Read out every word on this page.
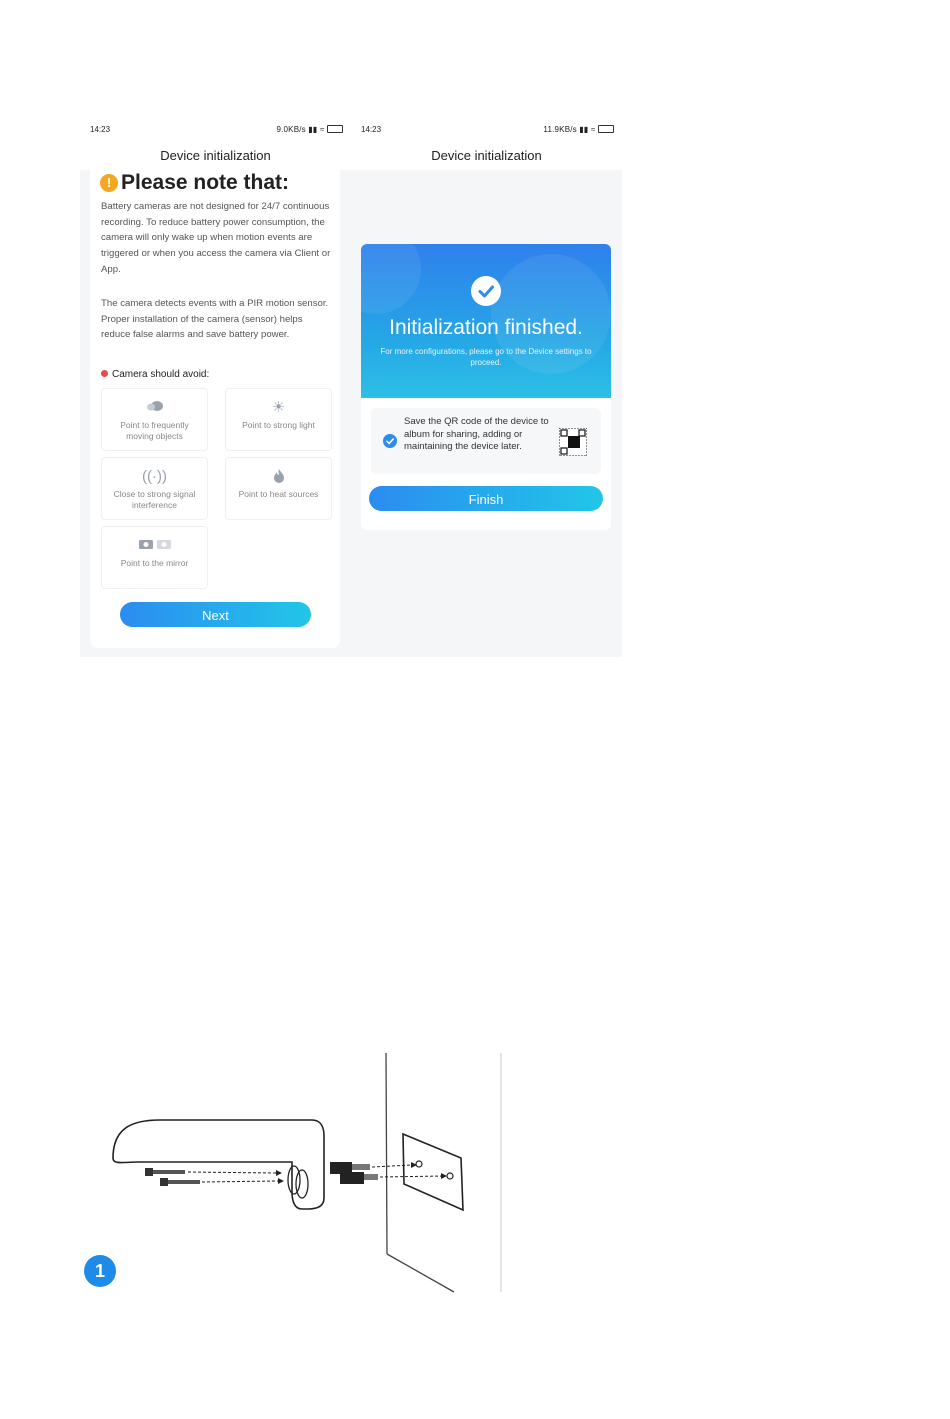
14:23	9.0KB/s ▮▮ ≈
Device initialization
! Please note that:
Battery cameras are not designed for 24/7 continuous recording. To reduce battery power consumption, the camera will only wake up when motion events are triggered or when you access the camera via Client or App.
The camera detects events with a PIR motion sensor. Proper installation of the camera (sensor) helps reduce false alarms and save battery power.
Camera should avoid:
Point to frequently moving objects
☀
Point to strong light
((·))
Close to strong signal interference
Point to heat sources
Point to the mirror
Next
14:23	11.9KB/s ▮▮ ≈
Device initialization
Initialization finished.
For more configurations, please go to the Device settings to proceed.
Save the QR code of the device to album for sharing, adding or maintaining the device later.
Finish
1
